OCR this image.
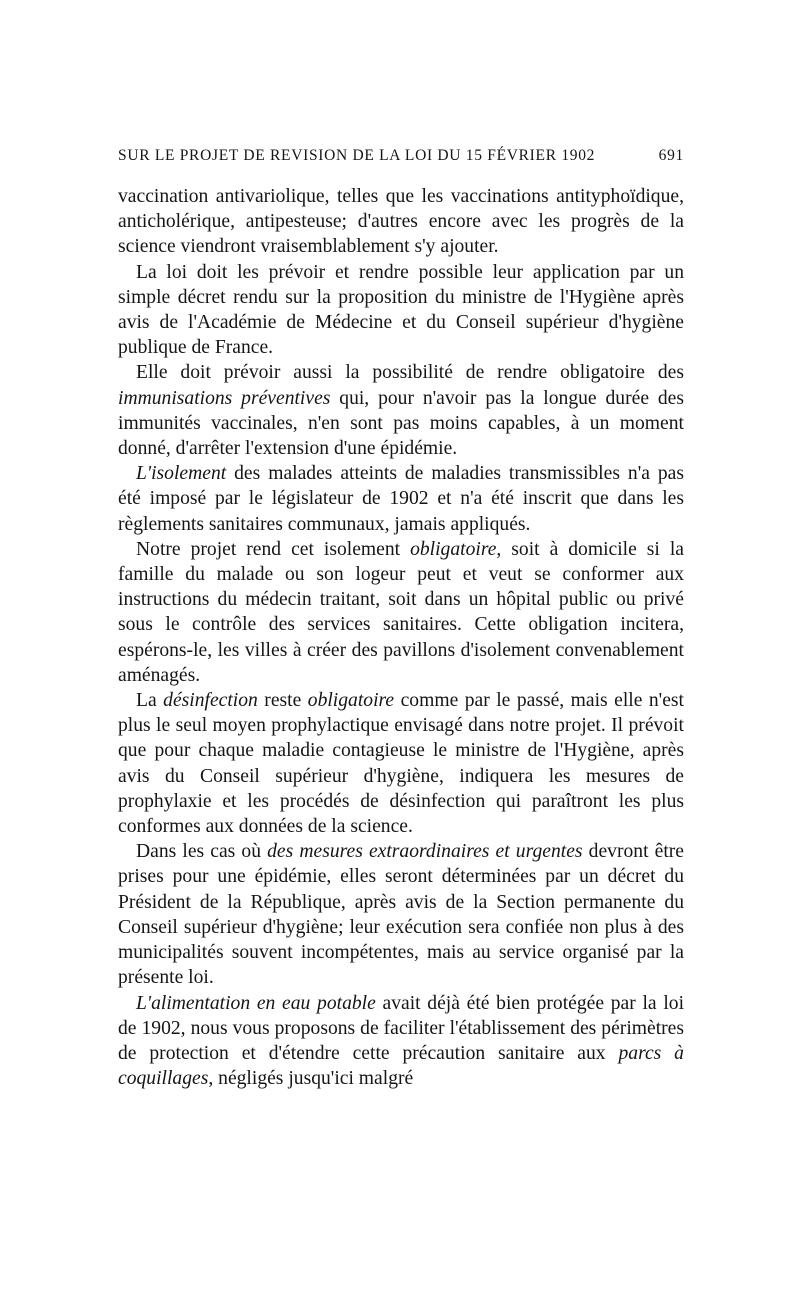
SUR LE PROJET DE REVISION DE LA LOI DU 15 FÉVRIER 1902	691

vaccination antivariolique, telles que les vaccinations antityphoïdique, anticholérique, antipesteuse; d'autres encore avec les progrès de la science viendront vraisemblablement s'y ajouter.

La loi doit les prévoir et rendre possible leur application par un simple décret rendu sur la proposition du ministre de l'Hygiène après avis de l'Académie de Médecine et du Conseil supérieur d'hygiène publique de France.

Elle doit prévoir aussi la possibilité de rendre obligatoire des immunisations préventives qui, pour n'avoir pas la longue durée des immunités vaccinales, n'en sont pas moins capables, à un moment donné, d'arrêter l'extension d'une épidémie.

L'isolement des malades atteints de maladies transmissibles n'a pas été imposé par le législateur de 1902 et n'a été inscrit que dans les règlements sanitaires communaux, jamais appliqués.

Notre projet rend cet isolement obligatoire, soit à domicile si la famille du malade ou son logeur peut et veut se conformer aux instructions du médecin traitant, soit dans un hôpital public ou privé sous le contrôle des services sanitaires. Cette obligation incitera, espérons-le, les villes à créer des pavillons d'isolement convenablement aménagés.

La désinfection reste obligatoire comme par le passé, mais elle n'est plus le seul moyen prophylactique envisagé dans notre projet. Il prévoit que pour chaque maladie contagieuse le ministre de l'Hygiène, après avis du Conseil supérieur d'hygiène, indiquera les mesures de prophylaxie et les procédés de désinfection qui paraîtront les plus conformes aux données de la science.

Dans les cas où des mesures extraordinaires et urgentes devront être prises pour une épidémie, elles seront déterminées par un décret du Président de la République, après avis de la Section permanente du Conseil supérieur d'hygiène; leur exécution sera confiée non plus à des municipalités souvent incompétentes, mais au service organisé par la présente loi.

L'alimentation en eau potable avait déjà été bien protégée par la loi de 1902, nous vous proposons de faciliter l'établissement des périmètres de protection et d'étendre cette précaution sanitaire aux parcs à coquillages, négligés jusqu'ici malgré
